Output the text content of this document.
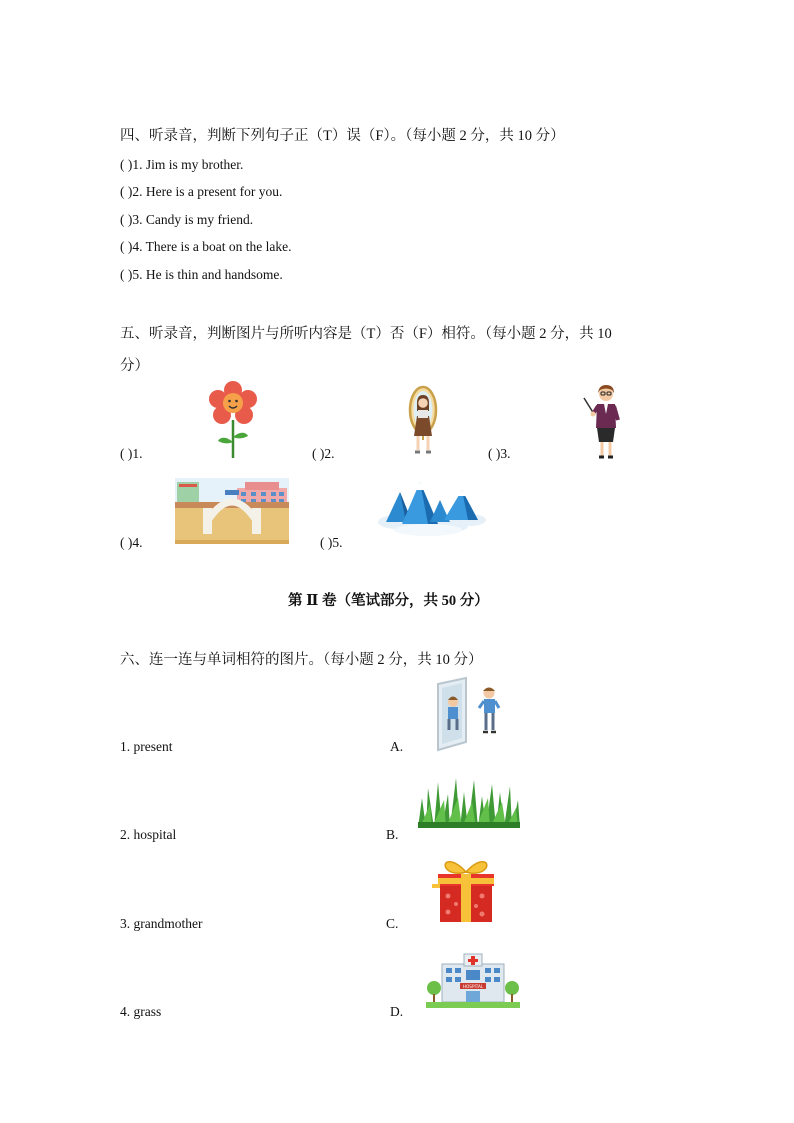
四、听录音，判断下列句子正（T）误（F）。（每小题 2 分，共 10 分）
( )1. Jim is my brother.
( )2. Here is a present for you.
( )3. Candy is my friend.
( )4. There is a boat on the lake.
( )5. He is thin and handsome.
五、听录音，判断图片与所听内容是（T）否（F）相符。（每小题 2 分，共 10
分）
( )1.	( )2.	( )3.
( )4.	( )5.
第 Ⅱ 卷（笔试部分，共 50 分）
六、连一连与单词相符的图片。（每小题 2 分，共 10 分）
1. present
2. hospital
3. grandmother
4. grass
A.
B.
C.
D.
HOSPITAL
